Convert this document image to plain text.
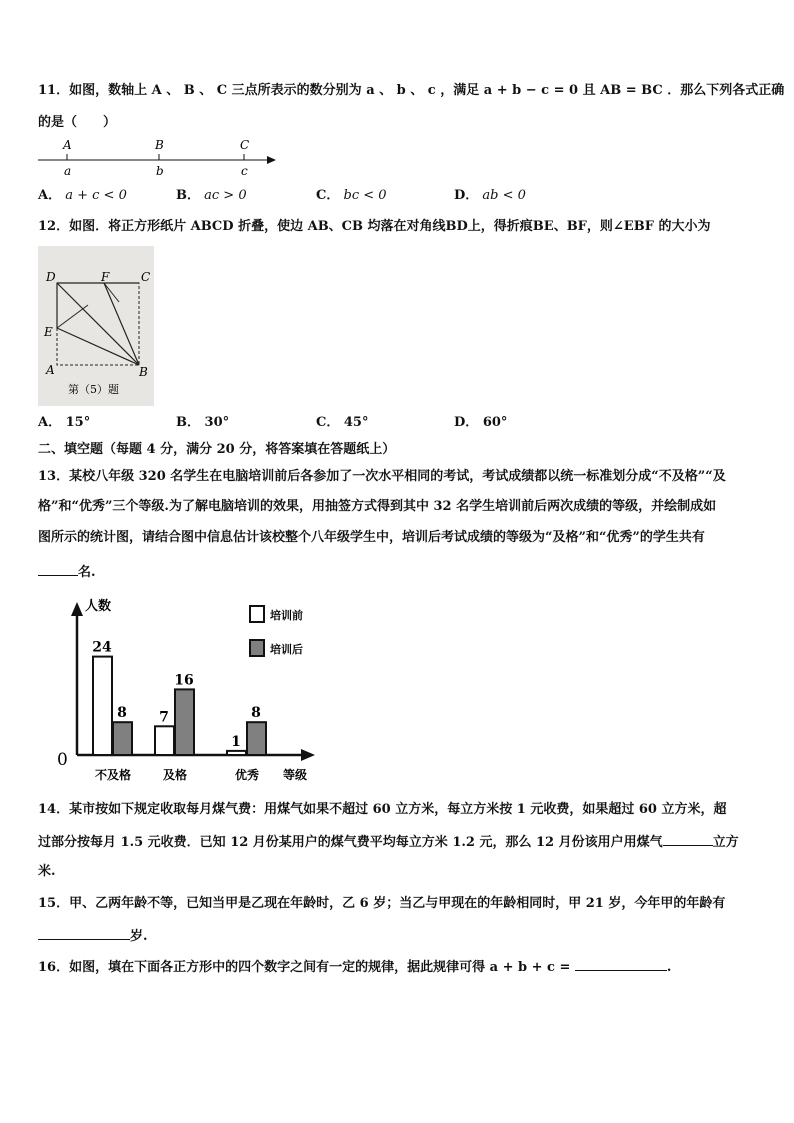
11．如图，数轴上 A 、 B 、 C 三点所表示的数分别为 a 、 b 、 c ，满足 a + b − c = 0 且 AB = BC ．那么下列各式正确
的是（　　）
A	B	C
a	b	c
A． a + c < 0	B． ac > 0	C． bc < 0	D． ab < 0
12．如图．将正方形纸片 ABCD 折叠，使边 AB、CB 均落在对角线BD上，得折痕BE、BF，则∠EBF 的大小为
D	F	C
E
A	B
第（5）题
A． 15°	B． 30°	C． 45°	D． 60°
二、填空题（每题 4 分，满分 20 分，将答案填在答题纸上）
13．某校八年级 320 名学生在电脑培训前后各参加了一次水平相同的考试，考试成绩都以统一标准划分成“不及格”“及
格”和“优秀”三个等级.为了解电脑培训的效果，用抽签方式得到其中 32 名学生培训前后两次成绩的等级，并绘制成如
图所示的统计图，请结合图中信息估计该校整个八年级学生中，培训后考试成绩的等级为“及格”和“优秀”的学生共有
名.
人数
0
等级
24
8
不及格
7
16
及格
1
8
优秀
培训前
培训后
14．某市按如下规定收取每月煤气费：用煤气如果不超过 60 立方米，每立方米按 1 元收费，如果超过 60 立方米，超
过部分按每月 1.5 元收费．已知 12 月份某用户的煤气费平均每立方米 1.2 元，那么 12 月份该用户用煤气	立方
米.
15．甲、乙两年龄不等，已知当甲是乙现在年龄时，乙 6 岁；当乙与甲现在的年龄相同时，甲 21 岁，今年甲的年龄有
岁.
16．如图，填在下面各正方形中的四个数字之间有一定的规律，据此规律可得 a + b + c =	.
